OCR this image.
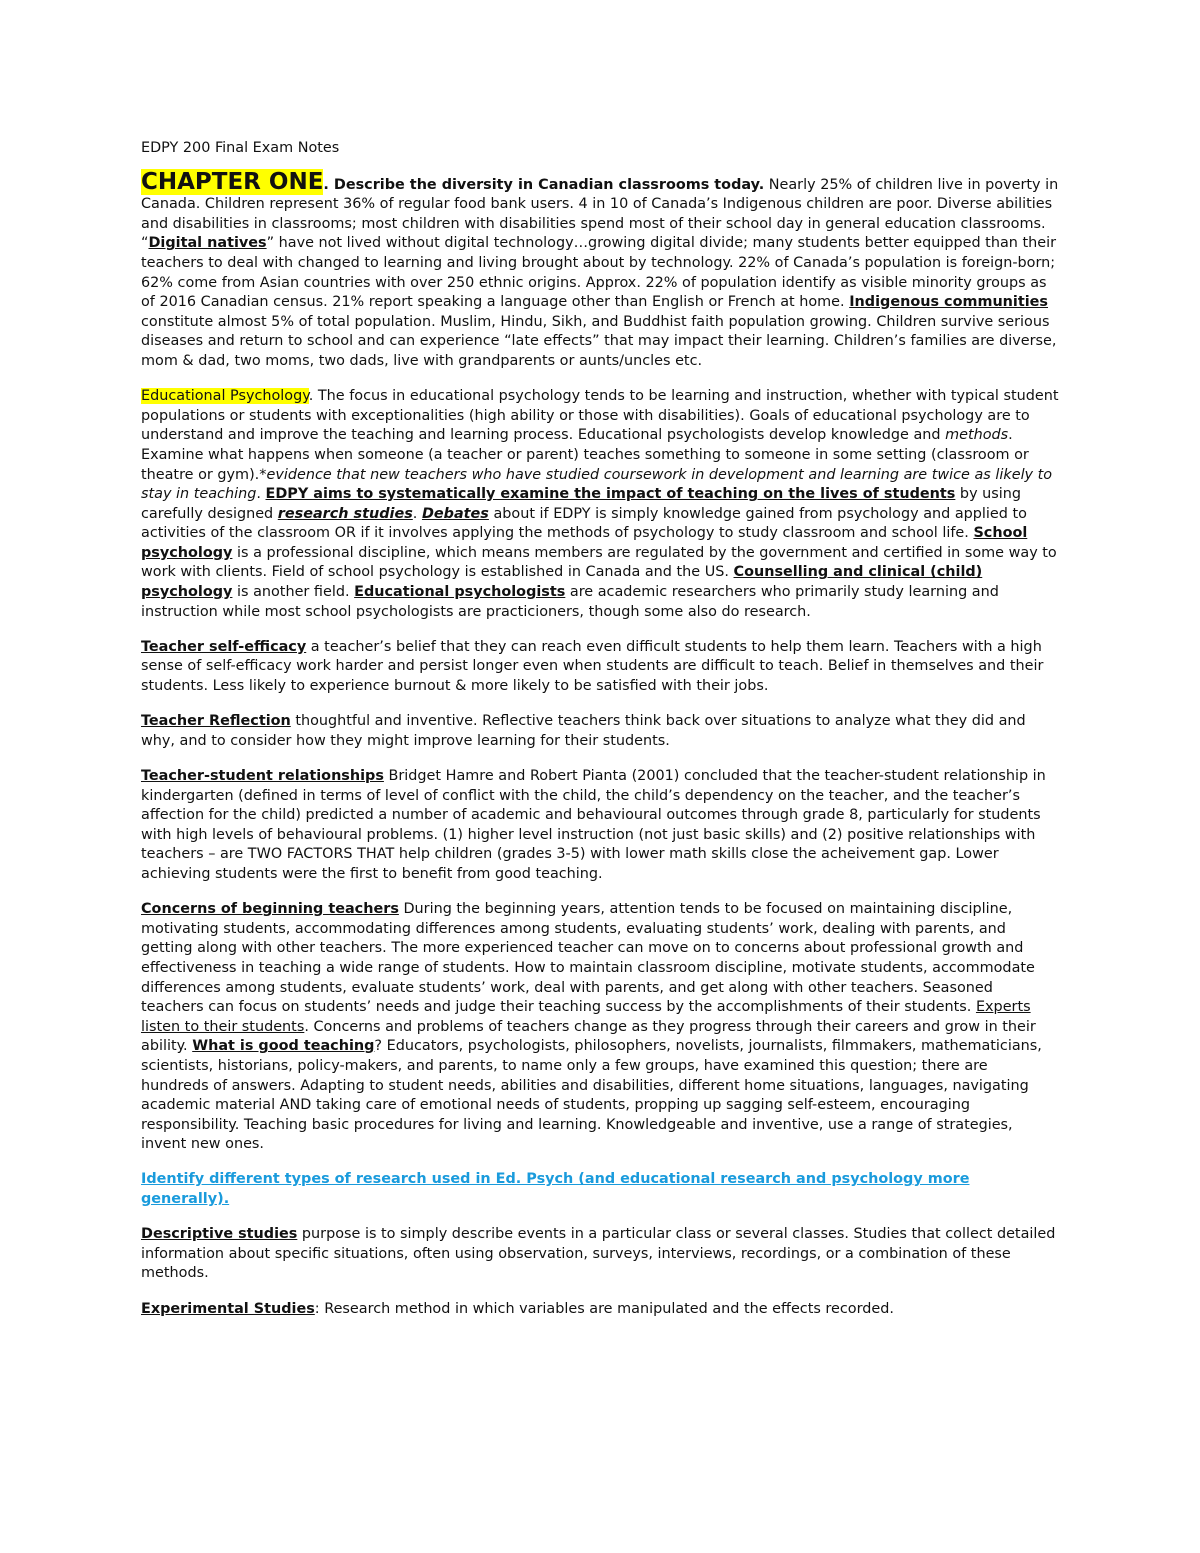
EDPY 200 Final Exam Notes

CHAPTER ONE. Describe the diversity in Canadian classrooms today. Nearly 25% of children live in poverty in Canada. Children represent 36% of regular food bank users. 4 in 10 of Canada’s Indigenous children are poor. Diverse abilities and disabilities in classrooms; most children with disabilities spend most of their school day in general education classrooms. “Digital natives” have not lived without digital technology…growing digital divide; many students better equipped than their teachers to deal with changed to learning and living brought about by technology. 22% of Canada’s population is foreign-born; 62% come from Asian countries with over 250 ethnic origins. Approx. 22% of population identify as visible minority groups as of 2016 Canadian census. 21% report speaking a language other than English or French at home. Indigenous communities constitute almost 5% of total population. Muslim, Hindu, Sikh, and Buddhist faith population growing. Children survive serious diseases and return to school and can experience “late effects” that may impact their learning. Children’s families are diverse, mom & dad, two moms, two dads, live with grandparents or aunts/uncles etc.

Educational Psychology. The focus in educational psychology tends to be learning and instruction, whether with typical student populations or students with exceptionalities (high ability or those with disabilities). Goals of educational psychology are to understand and improve the teaching and learning process. Educational psychologists develop knowledge and methods. Examine what happens when someone (a teacher or parent) teaches something to someone in some setting (classroom or theatre or gym).*evidence that new teachers who have studied coursework in development and learning are twice as likely to stay in teaching. EDPY aims to systematically examine the impact of teaching on the lives of students by using carefully designed research studies. Debates about if EDPY is simply knowledge gained from psychology and applied to activities of the classroom OR if it involves applying the methods of psychology to study classroom and school life. School psychology is a professional discipline, which means members are regulated by the government and certified in some way to work with clients. Field of school psychology is established in Canada and the US. Counselling and clinical (child) psychology is another field. Educational psychologists are academic researchers who primarily study learning and instruction while most school psychologists are practicioners, though some also do research.

Teacher self-efficacy a teacher’s belief that they can reach even difficult students to help them learn. Teachers with a high sense of self-efficacy work harder and persist longer even when students are difficult to teach. Belief in themselves and their students. Less likely to experience burnout & more likely to be satisfied with their jobs.

Teacher Reflection thoughtful and inventive. Reflective teachers think back over situations to analyze what they did and why, and to consider how they might improve learning for their students.

Teacher-student relationships Bridget Hamre and Robert Pianta (2001) concluded that the teacher-student relationship in kindergarten (defined in terms of level of conflict with the child, the child’s dependency on the teacher, and the teacher’s affection for the child) predicted a number of academic and behavioural outcomes through grade 8, particularly for students with high levels of behavioural problems. (1) higher level instruction (not just basic skills) and (2) positive relationships with teachers – are TWO FACTORS THAT help children (grades 3-5) with lower math skills close the acheivement gap. Lower achieving students were the first to benefit from good teaching.

Concerns of beginning teachers During the beginning years, attention tends to be focused on maintaining discipline, motivating students, accommodating differences among students, evaluating students’ work, dealing with parents, and getting along with other teachers. The more experienced teacher can move on to concerns about professional growth and effectiveness in teaching a wide range of students. How to maintain classroom discipline, motivate students, accommodate differences among students, evaluate students’ work, deal with parents, and get along with other teachers. Seasoned teachers can focus on students’ needs and judge their teaching success by the accomplishments of their students. Experts listen to their students. Concerns and problems of teachers change as they progress through their careers and grow in their ability. What is good teaching? Educators, psychologists, philosophers, novelists, journalists, filmmakers, mathematicians, scientists, historians, policy-makers, and parents, to name only a few groups, have examined this question; there are hundreds of answers. Adapting to student needs, abilities and disabilities, different home situations, languages, navigating academic material AND taking care of emotional needs of students, propping up sagging self-esteem, encouraging responsibility. Teaching basic procedures for living and learning. Knowledgeable and inventive, use a range of strategies, invent new ones.

Identify different types of research used in Ed. Psych (and educational research and psychology more generally).

Descriptive studies purpose is to simply describe events in a particular class or several classes. Studies that collect detailed information about specific situations, often using observation, surveys, interviews, recordings, or a combination of these methods.

Experimental Studies: Research method in which variables are manipulated and the effects recorded.
